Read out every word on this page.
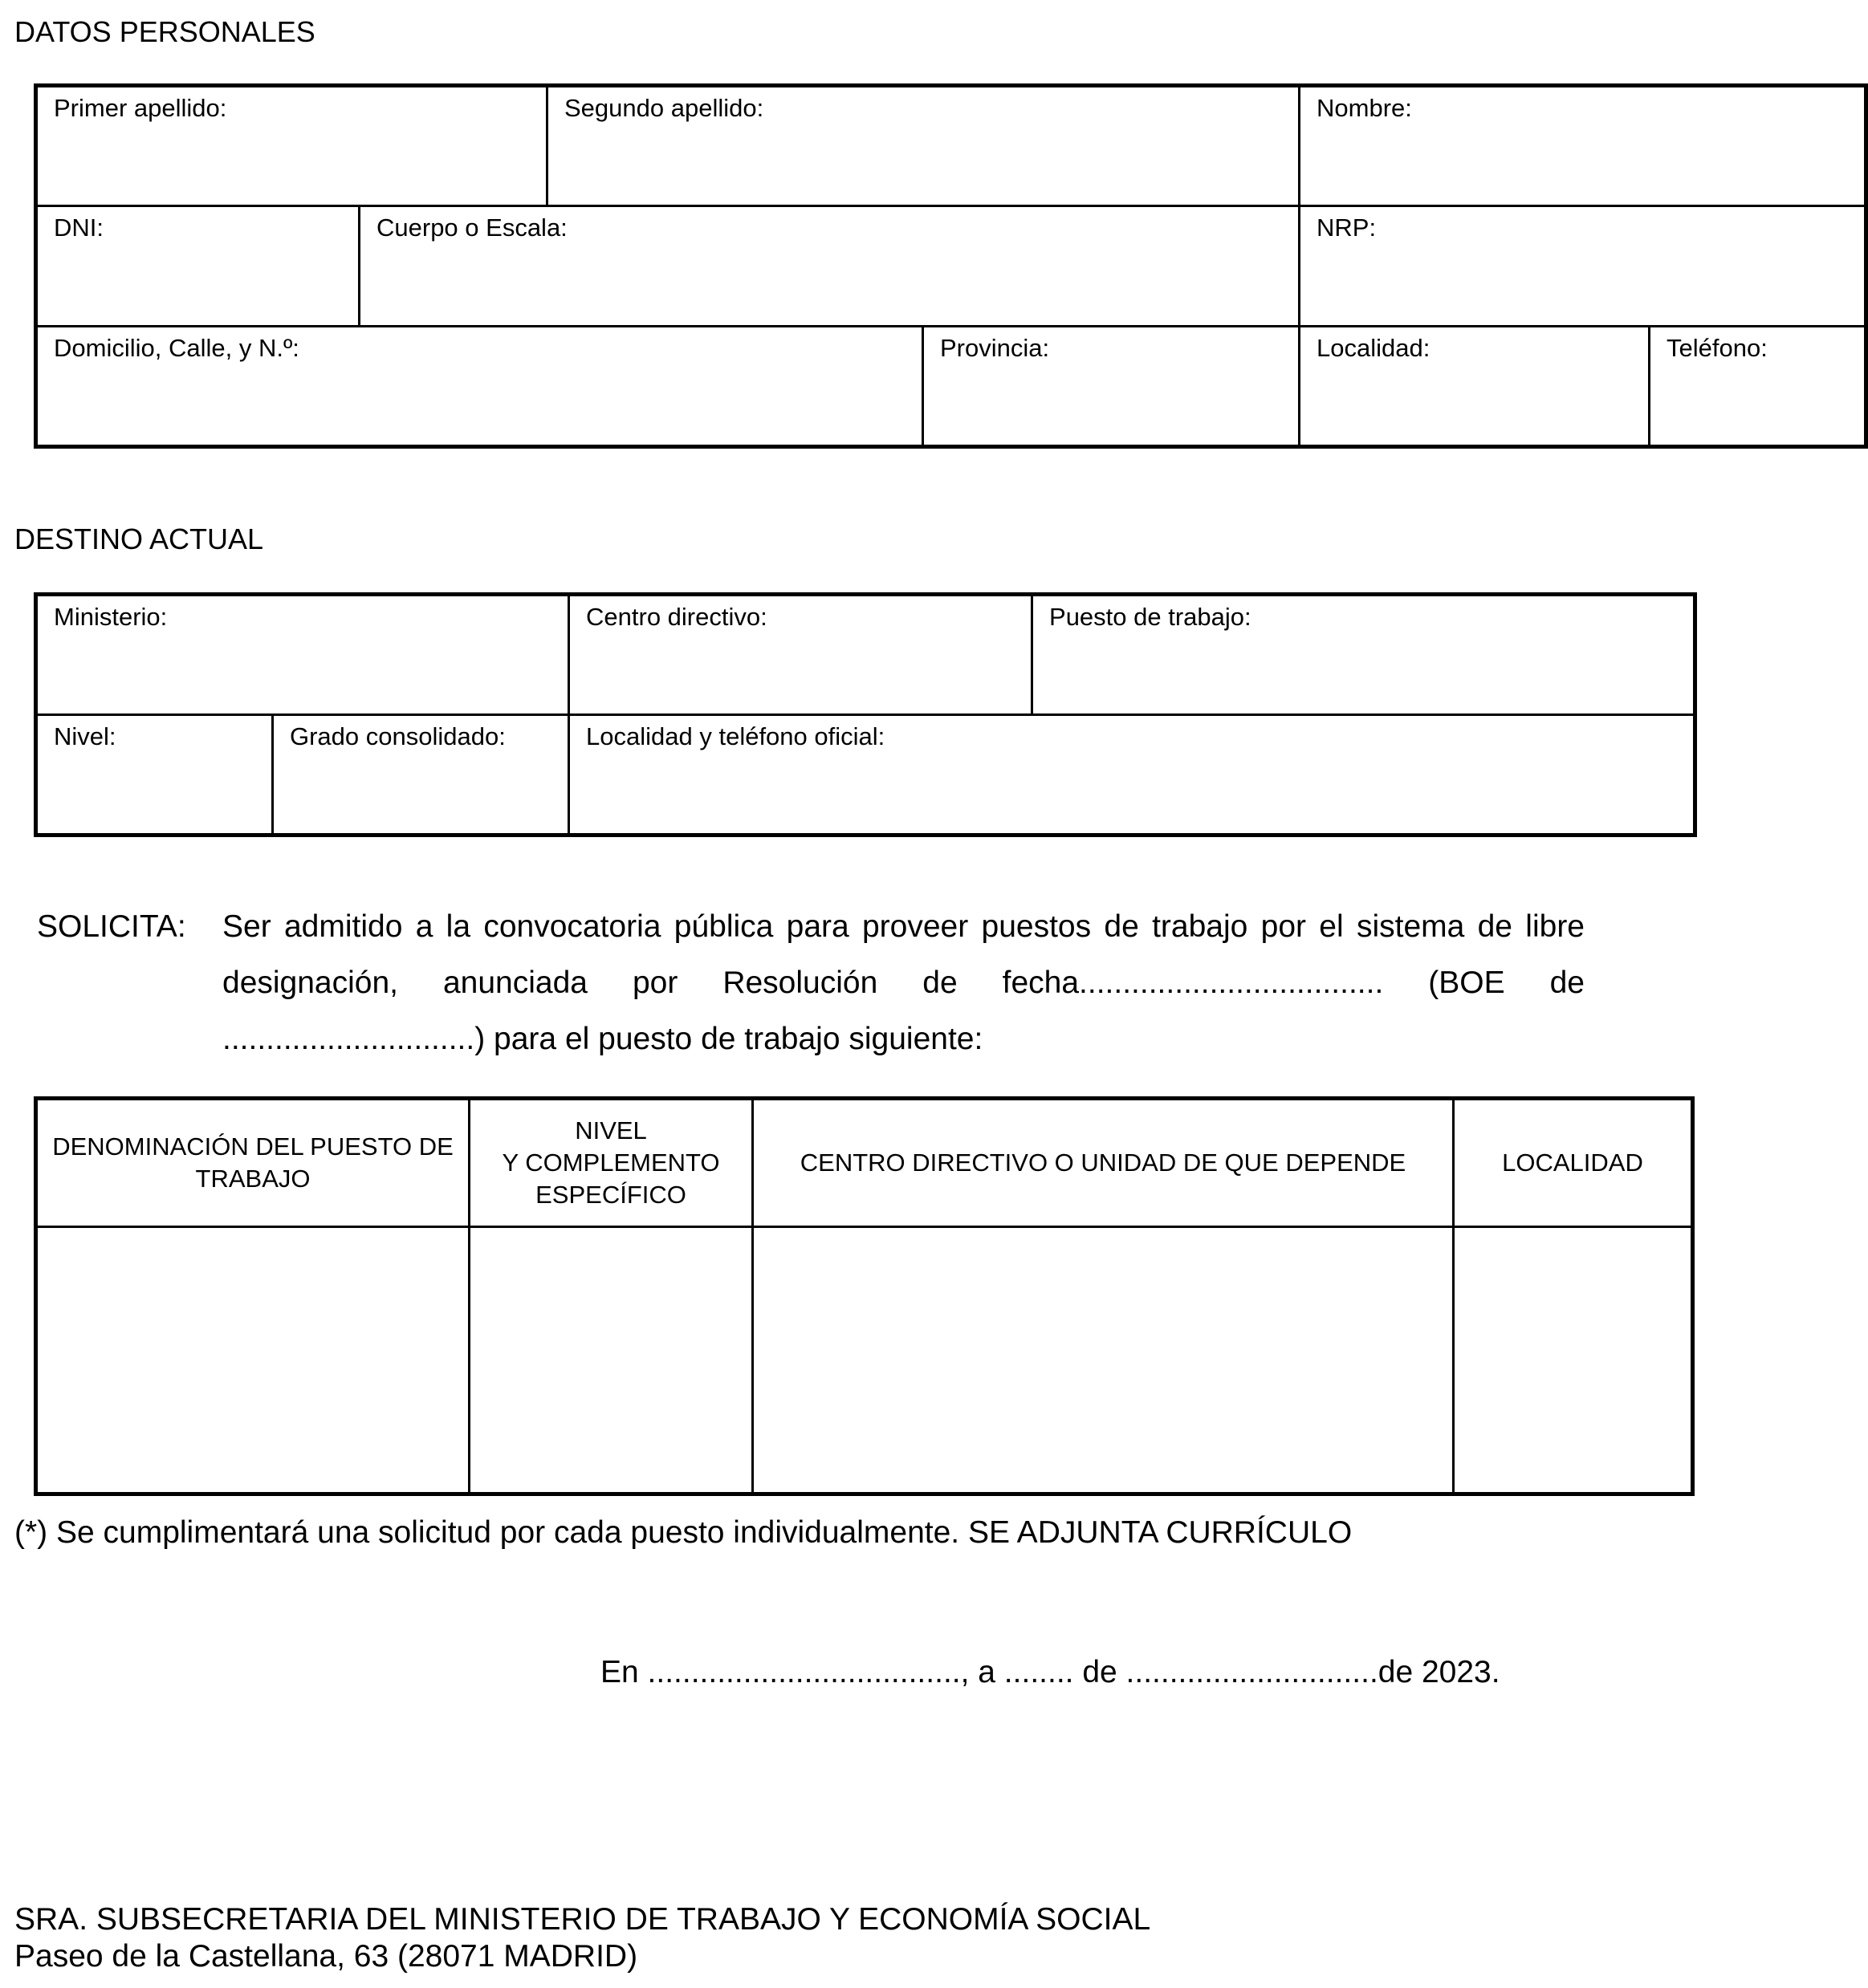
DATOS PERSONALES
Primer apellido:		Segundo apellido:		Nombre:	
DNI:	Cuerpo o Escala:			NRP:	
Domicilio, Calle, y N.º:			Provincia:	Localidad:	Teléfono:
DESTINO ACTUAL
Ministerio:		Centro directivo:	Puesto de trabajo:
Nivel:	Grado consolidado:	Localidad y teléfono oficial:	
SOLICITA: Ser admitido a la convocatoria pública para proveer puestos de trabajo por el sistema de libre
designación, anunciada por Resolución de fecha................................... (BOE de
.............................) para el puesto de trabajo siguiente:
DENOMINACIÓN DEL PUESTO DE TRABAJO	NIVEL
Y COMPLEMENTO
ESPECÍFICO	CENTRO DIRECTIVO O UNIDAD DE QUE DEPENDE	LOCALIDAD

(*) Se cumplimentará una solicitud por cada puesto individualmente. SE ADJUNTA CURRÍCULO
En ...................................., a ........ de .............................de 2023.
SRA. SUBSECRETARIA DEL MINISTERIO DE TRABAJO Y ECONOMÍA SOCIAL
Paseo de la Castellana, 63 (28071 MADRID)
